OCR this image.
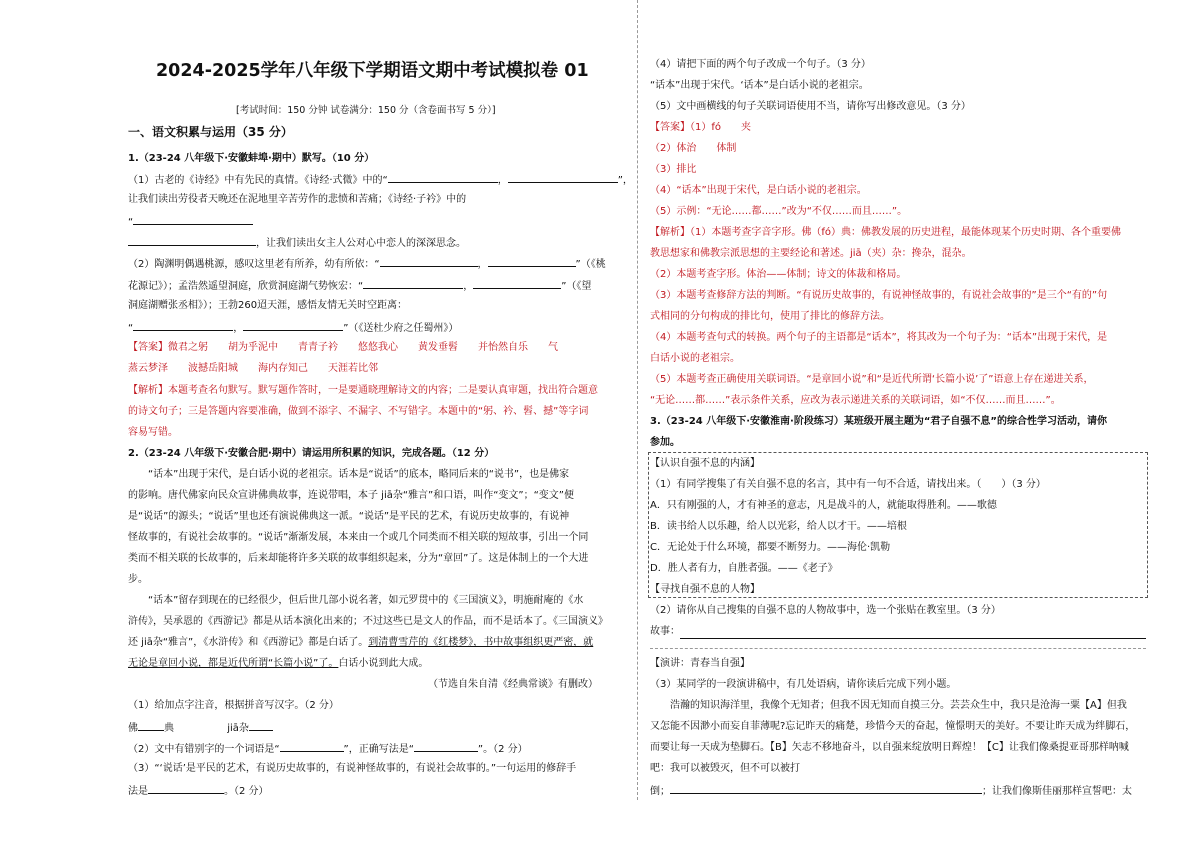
2024-2025学年八年级下学期语文期中考试模拟卷 01
[考试时间：150 分钟 试卷满分：150 分（含卷面书写 5 分）]
一、语文积累与运用（35 分）
1.（23-24 八年级下·安徽蚌埠·期中）默写。（10 分）
（1）古老的《诗经》中有先民的真情。《诗经·式微》中的“	，	”，
让我们读出劳役者天晚还在泥地里辛苦劳作的悲愤和苦痛；《诗经·子衿》中的
“
，让我们读出女主人公对心中恋人的深深思念。
（2）陶渊明偶遇桃源，感叹这里老有所养，幼有所依：“	，	”（《桃
花源记》）；孟浩然遥望洞庭，欣赏洞庭湖气势恢宏：“	，	”（《望
洞庭湖赠张丞相》）；王勃260迢天涯，感悟友情无关时空距离：
“	，	”（《送杜少府之任蜀州》）
【答案】微君之躬　　胡为乎泥中　　青青子衿　　悠悠我心　　黄发垂髫　　并怡然自乐　　气
蒸云梦泽　　波撼岳阳城　　海内存知己　　天涯若比邻
【解析】本题考查名句默写。默写题作答时，一是要通晓理解诗文的内容；二是要认真审题，找出符合题意
的诗文句子；三是答题内容要准确，做到不添字、不漏字、不写错字。本题中的“躬、衿、髫、撼”等字词
容易写错。
2.（23-24 八年级下·安徽合肥·期中）请运用所积累的知识，完成各题。（12 分）
“话本”出现于宋代，是白话小说的老祖宗。话本是“说话”的底本，略同后来的“说书”，也是佛家
的影响。唐代佛家向民众宣讲佛典故事，连说带唱，本子 jiā杂“雅言”和口语，叫作“变文”；“变文”便
是“说话”的源头；“说话”里也还有演说佛典这一派。“说话”是平民的艺术，有说历史故事的，有说神
怪故事的，有说社会故事的。“说话”渐渐发展，本来由一个或几个同类而不相关联的短故事，引出一个同
类而不相关联的长故事的，后来却能将许多关联的故事组织起来，分为“章回”了。这是体制上的一个大进
步。
“话本”留存到现在的已经很少，但后世几部小说名著，如元罗贯中的《三国演义》，明施耐庵的《水
浒传》，吴承恩的《西游记》都是从话本演化出来的；不过这些已是文人的作品，而不是话本了。《三国演义》
还 jiā杂“雅言”，《水浒传》和《西游记》都是白话了。到清曹雪芹的《红楼梦》，书中故事组织更严密，就
无论是章回小说，都是近代所谓“长篇小说”了。白话小说到此大成。
（节选自朱自清《经典常谈》有删改）
（1）给加点字注音，根据拼音写汉字。（2 分）
佛	典	jiā杂
（2）文中有错别字的一个词语是“	”，正确写法是“	”。（2 分）
（3）“‘说话’是平民的艺术，有说历史故事的，有说神怪故事的，有说社会故事的。”一句运用的修辞手
法是	。（2 分）
（4）请把下面的两个句子改成一个句子。（3 分）
“话本”出现于宋代。‘话本”是白话小说的老祖宗。
（5）文中画横线的句子关联词语使用不当，请你写出修改意见。（3 分）
【答案】（1）fó　　夹
（2）体治　　体制
（3）排比
（4）“话本”出现于宋代，是白话小说的老祖宗。
（5）示例：“无论……都……”改为“不仅……而且……”。
【解析】（1）本题考查字音字形。佛（fó）典：佛教发展的历史进程，最能体现某个历史时期、各个重要佛
教思想家和佛教宗派思想的主要经论和著述。jiā（夹）杂：搀杂，混杂。
（2）本题考查字形。体治——体制；诗文的体裁和格局。
（3）本题考查修辞方法的判断。“有说历史故事的，有说神怪故事的，有说社会故事的”是三个“有的”句
式相同的分句构成的排比句，使用了排比的修辞方法。
（4）本题考查句式的转换。两个句子的主语都是“话本”，将其改为一个句子为：“话本”出现于宋代，是
白话小说的老祖宗。
（5）本题考查正确使用关联词语。“是章回小说”和“是近代所谓‘长篇小说’了”语意上存在递进关系，
“无论……都……”表示条件关系，应改为表示递进关系的关联词语，如“不仅……而且……”。
3.（23-24 八年级下·安徽淮南·阶段练习）某班级开展主题为“君子自强不息”的综合性学习活动，请你
参加。
【认识自强不息的内涵】
（1）有同学搜集了有关自强不息的名言，其中有一句不合适，请找出来。（　　）（3 分）
A．只有刚强的人，才有神圣的意志，凡是战斗的人，就能取得胜利。——歌德
B．读书给人以乐趣，给人以光彩，给人以才干。——培根
C．无论处于什么环境，都要不断努力。——海伦·凯勒
D．胜人者有力，自胜者强。——《老子》
【寻找自强不息的人物】
（2）请你从自己搜集的自强不息的人物故事中，选一个张贴在教室里。（3 分）
故事：
【演讲：青春当自强】
（3）某同学的一段演讲稿中，有几处语病，请你读后完成下列小题。
浩瀚的知识海洋里，我像个无知者；但我不因无知而自摸三分。芸芸众生中，我只是沧海一粟【A】但我
又怎能不因渺小而妄自菲薄呢?忘记昨天的痛楚，珍惜今天的奋起，憧憬明天的美好。不要让昨天成为绊脚石，
而要让每一天成为垫脚石。【B】矢志不移地奋斗，以自强来绽放明日辉煌！【C】让我们像桑提亚哥那样呐喊
吧：我可以被毁灭，但不可以被打
倒；	；让我们像斯佳丽那样宣誓吧：太
